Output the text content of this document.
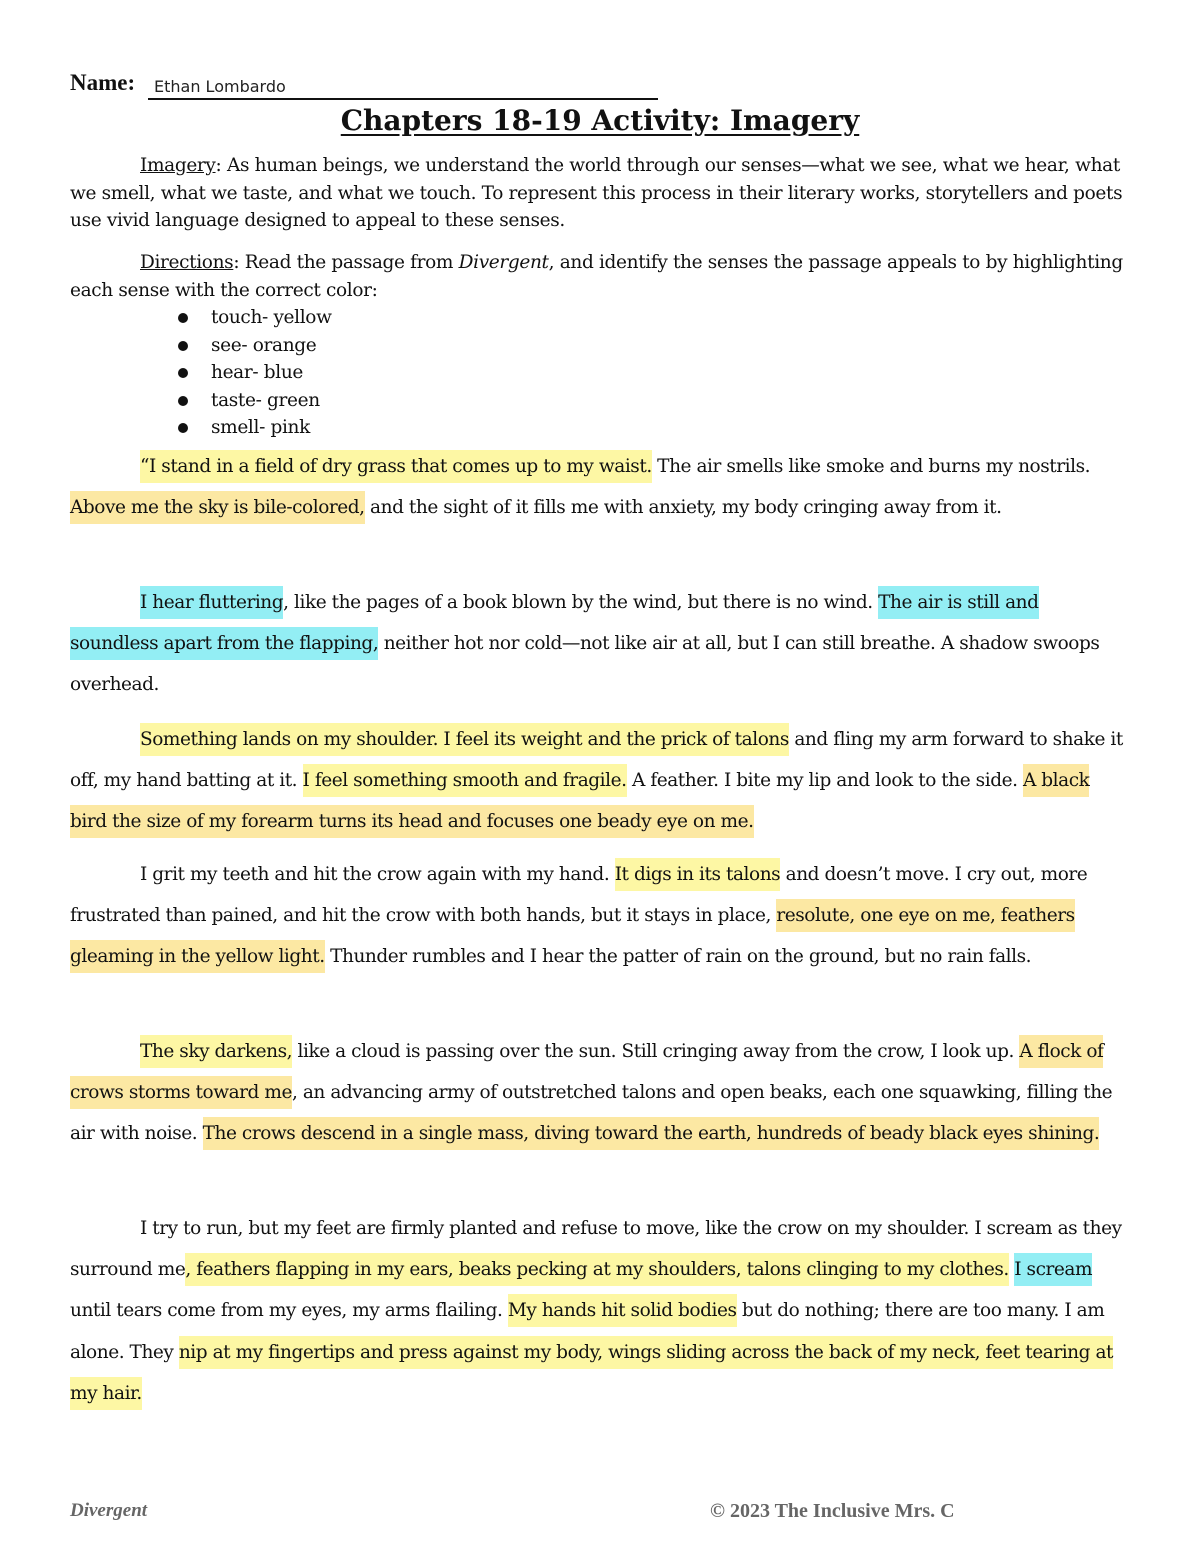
Name: Ethan Lombardo
Chapters 18-19 Activity: Imagery
Imagery: As human beings, we understand the world through our senses—what we see, what we hear, what we smell, what we taste, and what we touch. To represent this process in their literary works, storytellers and poets use vivid language designed to appeal to these senses.
Directions: Read the passage from Divergent, and identify the senses the passage appeals to by highlighting each sense with the correct color:
touch- yellow
see- orange
hear- blue
taste- green
smell- pink
“I stand in a field of dry grass that comes up to my waist. The air smells like smoke and burns my nostrils. Above me the sky is bile-colored, and the sight of it fills me with anxiety, my body cringing away from it.
I hear fluttering, like the pages of a book blown by the wind, but there is no wind. The air is still and soundless apart from the flapping, neither hot nor cold—not like air at all, but I can still breathe. A shadow swoops overhead.
Something lands on my shoulder. I feel its weight and the prick of talons and fling my arm forward to shake it off, my hand batting at it. I feel something smooth and fragile. A feather. I bite my lip and look to the side. A black bird the size of my forearm turns its head and focuses one beady eye on me.
I grit my teeth and hit the crow again with my hand. It digs in its talons and doesn’t move. I cry out, more frustrated than pained, and hit the crow with both hands, but it stays in place, resolute, one eye on me, feathers gleaming in the yellow light. Thunder rumbles and I hear the patter of rain on the ground, but no rain falls.
The sky darkens, like a cloud is passing over the sun. Still cringing away from the crow, I look up. A flock of crows storms toward me, an advancing army of outstretched talons and open beaks, each one squawking, filling the air with noise. The crows descend in a single mass, diving toward the earth, hundreds of beady black eyes shining.
I try to run, but my feet are firmly planted and refuse to move, like the crow on my shoulder. I scream as they surround me, feathers flapping in my ears, beaks pecking at my shoulders, talons clinging to my clothes. I scream until tears come from my eyes, my arms flailing. My hands hit solid bodies but do nothing; there are too many. I am alone. They nip at my fingertips and press against my body, wings sliding across the back of my neck, feet tearing at my hair.
Divergent	© 2023 The Inclusive Mrs. C
